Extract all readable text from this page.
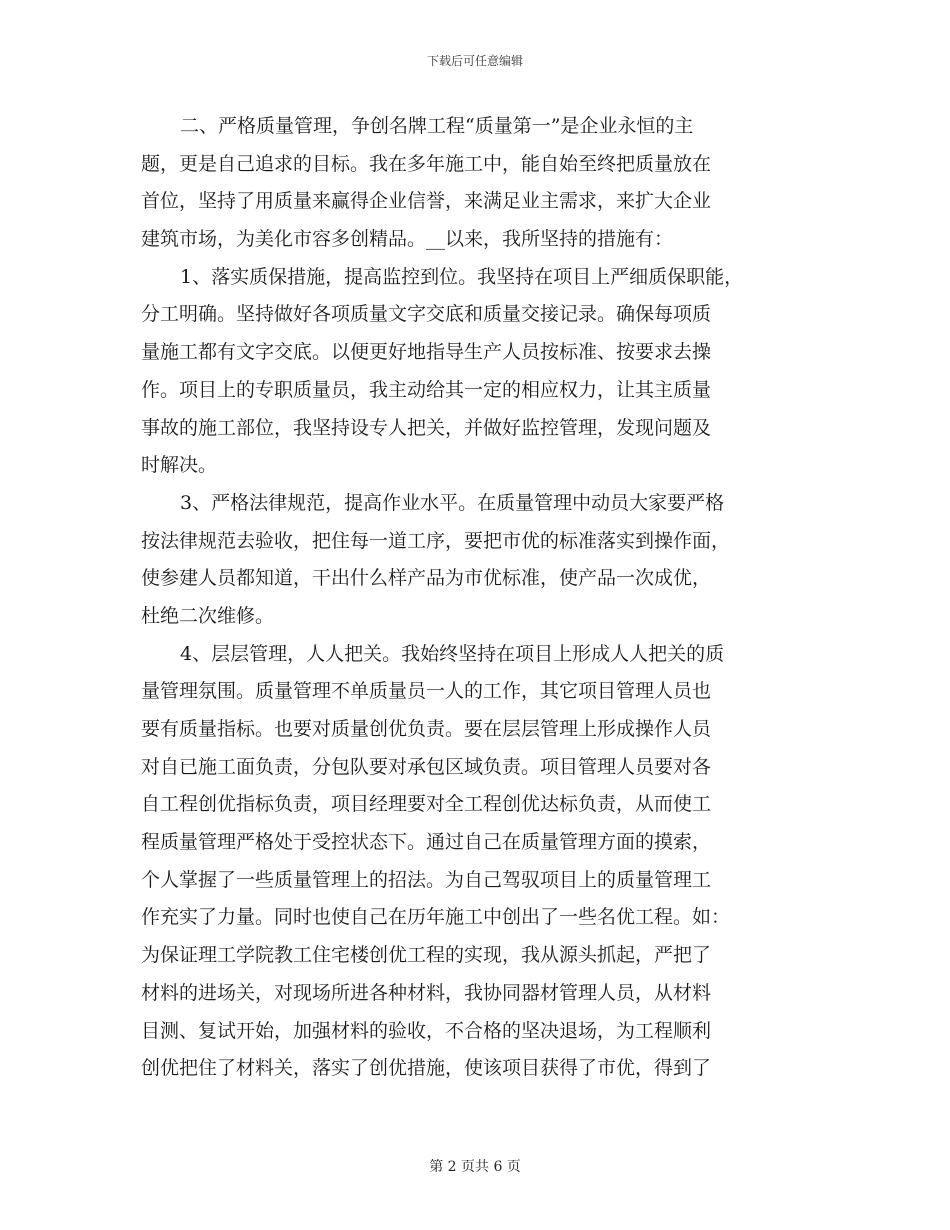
下载后可任意编辑
二、严格质量管理，争创名牌工程“质量第一”是企业永恒的主
题，更是自己追求的目标。我在多年施工中，能自始至终把质量放在
首位，坚持了用质量来赢得企业信誉，来满足业主需求，来扩大企业
建筑市场，为美化市容多创精品。__以来，我所坚持的措施有：
1、落实质保措施，提高监控到位。我坚持在项目上严细质保职能，
分工明确。坚持做好各项质量文字交底和质量交接记录。确保每项质
量施工都有文字交底。以便更好地指导生产人员按标准、按要求去操
作。项目上的专职质量员，我主动给其一定的相应权力，让其主质量
事故的施工部位，我坚持设专人把关，并做好监控管理，发现问题及
时解决。
3、严格法律规范，提高作业水平。在质量管理中动员大家要严格
按法律规范去验收，把住每一道工序，要把市优的标准落实到操作面，
使参建人员都知道，干出什么样产品为市优标准，使产品一次成优，
杜绝二次维修。
4、层层管理，人人把关。我始终坚持在项目上形成人人把关的质
量管理氛围。质量管理不单质量员一人的工作，其它项目管理人员也
要有质量指标。也要对质量创优负责。要在层层管理上形成操作人员
对自已施工面负责，分包队要对承包区域负责。项目管理人员要对各
自工程创优指标负责，项目经理要对全工程创优达标负责，从而使工
程质量管理严格处于受控状态下。通过自己在质量管理方面的摸索，
个人掌握了一些质量管理上的招法。为自己驾驭项目上的质量管理工
作充实了力量。同时也使自己在历年施工中创出了一些名优工程。如：
为保证理工学院教工住宅楼创优工程的实现，我从源头抓起，严把了
材料的进场关，对现场所进各种材料，我协同器材管理人员，从材料
目测、复试开始，加强材料的验收，不合格的坚决退场，为工程顺利
创优把住了材料关，落实了创优措施，使该项目获得了市优，得到了
第 2 页共 6 页
